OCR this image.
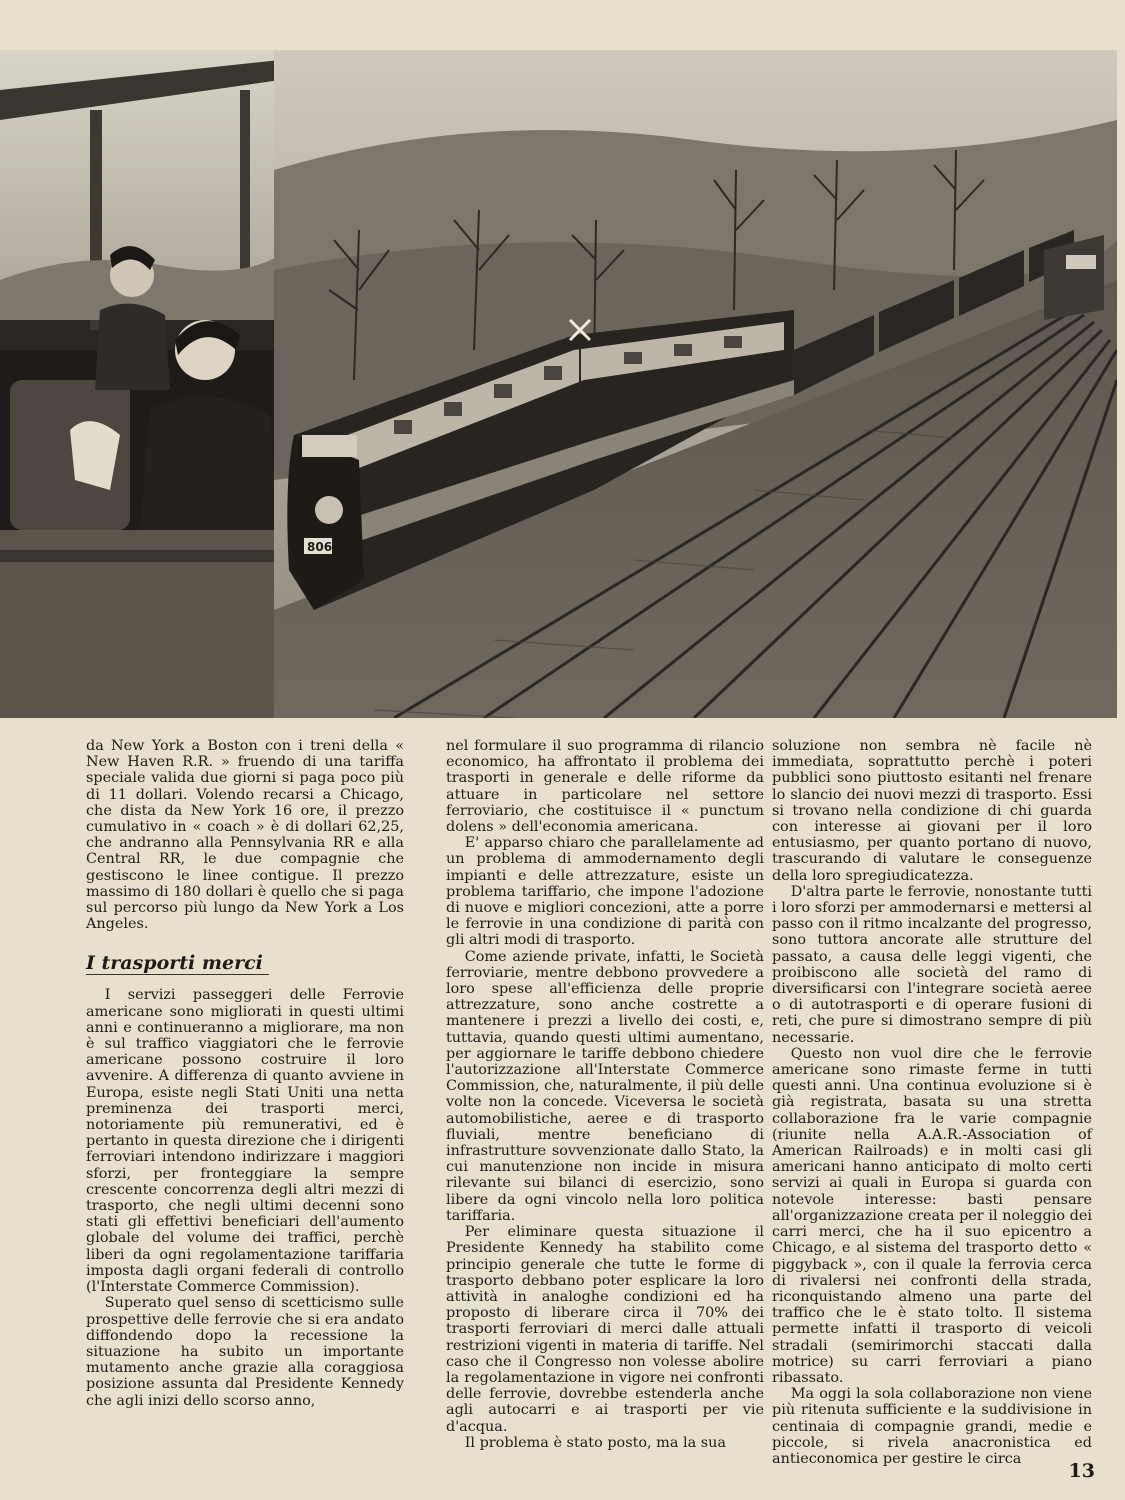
806

da New York a Boston con i treni della « New Haven R.R. » fruendo di una tariffa speciale valida due giorni si paga poco più di 11 dollari. Volendo recarsi a Chicago, che dista da New York 16 ore, il prezzo cumulativo in « coach » è di dollari 62,25, che andranno alla Pennsylvania RR e alla Central RR, le due compagnie che gestiscono le linee contigue. Il prezzo massimo di 180 dollari è quello che si paga sul percorso più lungo da New York a Los Angeles.

I trasporti merci

I servizi passeggeri delle Ferrovie americane sono migliorati in questi ultimi anni e continueranno a migliorare, ma non è sul traffico viaggiatori che le ferrovie americane possono costruire il loro avvenire. A differenza di quanto avviene in Europa, esiste negli Stati Uniti una netta preminenza dei trasporti merci, notoriamente più remunerativi, ed è pertanto in questa direzione che i dirigenti ferroviari intendono indirizzare i maggiori sforzi, per fronteggiare la sempre crescente concorrenza degli altri mezzi di trasporto, che negli ultimi decenni sono stati gli effettivi beneficiari dell'aumento globale del volume dei traffici, perchè liberi da ogni regolamentazione tariffaria imposta dagli organi federali di controllo (l'Interstate Commerce Commission).

Superato quel senso di scetticismo sulle prospettive delle ferrovie che si era andato diffondendo dopo la recessione la situazione ha subito un importante mutamento anche grazie alla coraggiosa posizione assunta dal Presidente Kennedy che agli inizi dello scorso anno,

nel formulare il suo programma di rilancio economico, ha affrontato il problema dei trasporti in generale e delle riforme da attuare in particolare nel settore ferroviario, che costituisce il « punctum dolens » dell'economia americana.

E' apparso chiaro che parallelamente ad un problema di ammodernamento degli impianti e delle attrezzature, esiste un problema tariffario, che impone l'adozione di nuove e migliori concezioni, atte a porre le ferrovie in una condizione di parità con gli altri modi di trasporto.

Come aziende private, infatti, le Società ferroviarie, mentre debbono provvedere a loro spese all'efficienza delle proprie attrezzature, sono anche costrette a mantenere i prezzi a livello dei costi, e, tuttavia, quando questi ultimi aumentano, per aggiornare le tariffe debbono chiedere l'autorizzazione all'Interstate Commerce Commission, che, naturalmente, il più delle volte non la concede. Viceversa le società automobilistiche, aeree e di trasporto fluviali, mentre beneficiano di infrastrutture sovvenzionate dallo Stato, la cui manutenzione non incide in misura rilevante sui bilanci di esercizio, sono libere da ogni vincolo nella loro politica tariffaria.

Per eliminare questa situazione il Presidente Kennedy ha stabilito come principio generale che tutte le forme di trasporto debbano poter esplicare la loro attività in analoghe condizioni ed ha proposto di liberare circa il 70% dei trasporti ferroviari di merci dalle attuali restrizioni vigenti in materia di tariffe. Nel caso che il Congresso non volesse abolire la regolamentazione in vigore nei confronti delle ferrovie, dovrebbe estenderla anche agli autocarri e ai trasporti per vie d'acqua.

Il problema è stato posto, ma la sua

soluzione non sembra nè facile nè immediata, soprattutto perchè i poteri pubblici sono piuttosto esitanti nel frenare lo slancio dei nuovi mezzi di trasporto. Essi si trovano nella condizione di chi guarda con interesse ai giovani per il loro entusiasmo, per quanto portano di nuovo, trascurando di valutare le conseguenze della loro spregiudicatezza.

D'altra parte le ferrovie, nonostante tutti i loro sforzi per ammodernarsi e mettersi al passo con il ritmo incalzante del progresso, sono tuttora ancorate alle strutture del passato, a causa delle leggi vigenti, che proibiscono alle società del ramo di diversificarsi con l'integrare società aeree o di autotrasporti e di operare fusioni di reti, che pure si dimostrano sempre di più necessarie.

Questo non vuol dire che le ferrovie americane sono rimaste ferme in tutti questi anni. Una continua evoluzione si è già registrata, basata su una stretta collaborazione fra le varie compagnie (riunite nella A.A.R.-Association of American Railroads) e in molti casi gli americani hanno anticipato di molto certi servizi ai quali in Europa si guarda con notevole interesse: basti pensare all'organizzazione creata per il noleggio dei carri merci, che ha il suo epicentro a Chicago, e al sistema del trasporto detto « piggyback », con il quale la ferrovia cerca di rivalersi nei confronti della strada, riconquistando almeno una parte del traffico che le è stato tolto. Il sistema permette infatti il trasporto di veicoli stradali (semirimorchi staccati dalla motrice) su carri ferroviari a piano ribassato.

Ma oggi la sola collaborazione non viene più ritenuta sufficiente e la suddivisione in centinaia di compagnie grandi, medie e piccole, si rivela anacronistica ed antieconomica per gestire le circa

13
